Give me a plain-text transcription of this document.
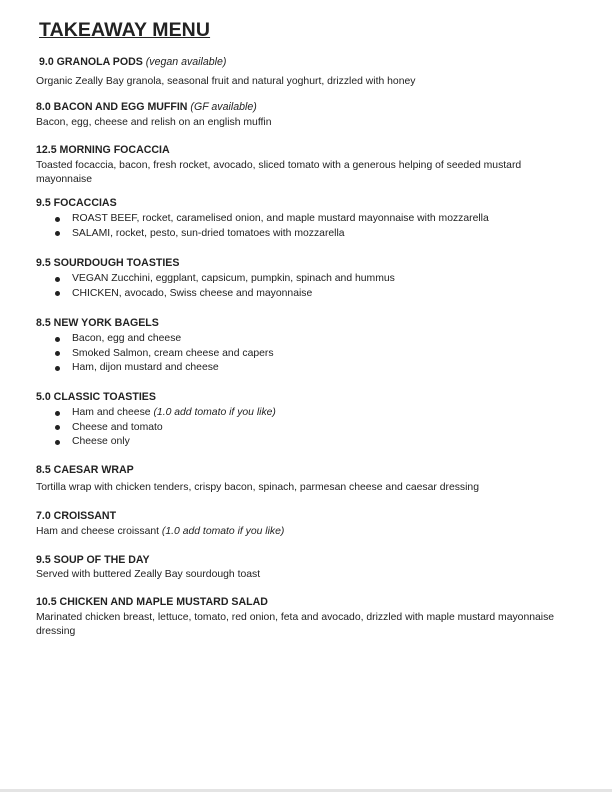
TAKEAWAY MENU
9.0 GRANOLA PODS (vegan available)
Organic Zeally Bay granola, seasonal fruit and natural yoghurt, drizzled with honey
8.0 BACON AND EGG MUFFIN (GF available)
Bacon, egg, cheese and relish on an english muffin
12.5 MORNING FOCACCIA
Toasted focaccia, bacon, fresh rocket, avocado, sliced tomato with a generous helping of seeded mustard mayonnaise
9.5 FOCACCIAS
ROAST BEEF, rocket, caramelised onion, and maple mustard mayonnaise with mozzarella
SALAMI, rocket, pesto, sun-dried tomatoes with mozzarella
9.5 SOURDOUGH TOASTIES
VEGAN Zucchini, eggplant, capsicum, pumpkin, spinach and hummus
CHICKEN, avocado, Swiss cheese and mayonnaise
8.5 NEW YORK BAGELS
Bacon, egg and cheese
Smoked Salmon, cream cheese and capers
Ham, dijon mustard and cheese
5.0 CLASSIC TOASTIES
Ham and cheese (1.0 add tomato if you like)
Cheese and tomato
Cheese only
8.5 CAESAR WRAP
Tortilla wrap with chicken tenders, crispy bacon, spinach, parmesan cheese and caesar dressing
7.0 CROISSANT
Ham and cheese croissant (1.0 add tomato if you like)
9.5 SOUP OF THE DAY
Served with buttered Zeally Bay sourdough toast
10.5 CHICKEN AND MAPLE MUSTARD SALAD
Marinated chicken breast, lettuce, tomato, red onion, feta and avocado, drizzled with maple mustard mayonnaise dressing
